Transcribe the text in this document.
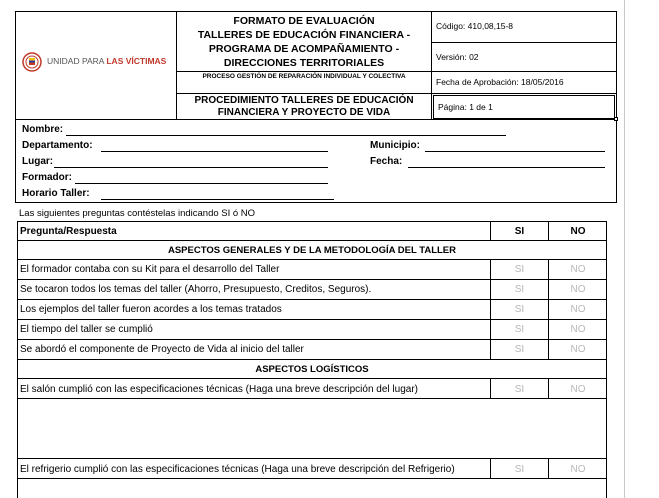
UNIDAD PARA LAS VÍCTIMAS
FORMATO DE EVALUACIÓN
TALLERES DE EDUCACIÓN FINANCIERA -
PROGRAMA DE ACOMPAÑAMIENTO -
DIRECCIONES TERRITORIALES
PROCESO GESTIÓN DE REPARACIÓN INDIVIDUAL Y COLECTIVA
PROCEDIMIENTO TALLERES DE EDUCACIÓN FINANCIERA Y PROYECTO DE VIDA
Código: 410,08,15-8
Versión: 02
Fecha de Aprobación: 18/05/2016
Página: 1 de 1
Nombre:
Departamento:	Municipio:
Lugar:	Fecha:
Formador:
Horario Taller:
Las siguientes preguntas contéstelas indicando SI ó NO
Pregunta/Respuesta	SI	NO
ASPECTOS GENERALES Y DE LA METODOLOGÍA DEL TALLER
El formador contaba con su Kit para el desarrollo del Taller	SI	NO
Se tocaron todos los temas del taller (Ahorro, Presupuesto, Creditos, Seguros).	SI	NO
Los ejemplos del taller fueron acordes a los temas tratados	SI	NO
El tiempo del taller se cumplió	SI	NO
Se abordó el componente de Proyecto de Vida al inicio del taller	SI	NO
ASPECTOS LOGÍSTICOS
El salón cumplió con las especificaciones técnicas (Haga una breve descripción del lugar)	SI	NO
El refrigerio cumplió con las especificaciones técnicas (Haga una breve descripción del Refrigerio)	SI	NO
